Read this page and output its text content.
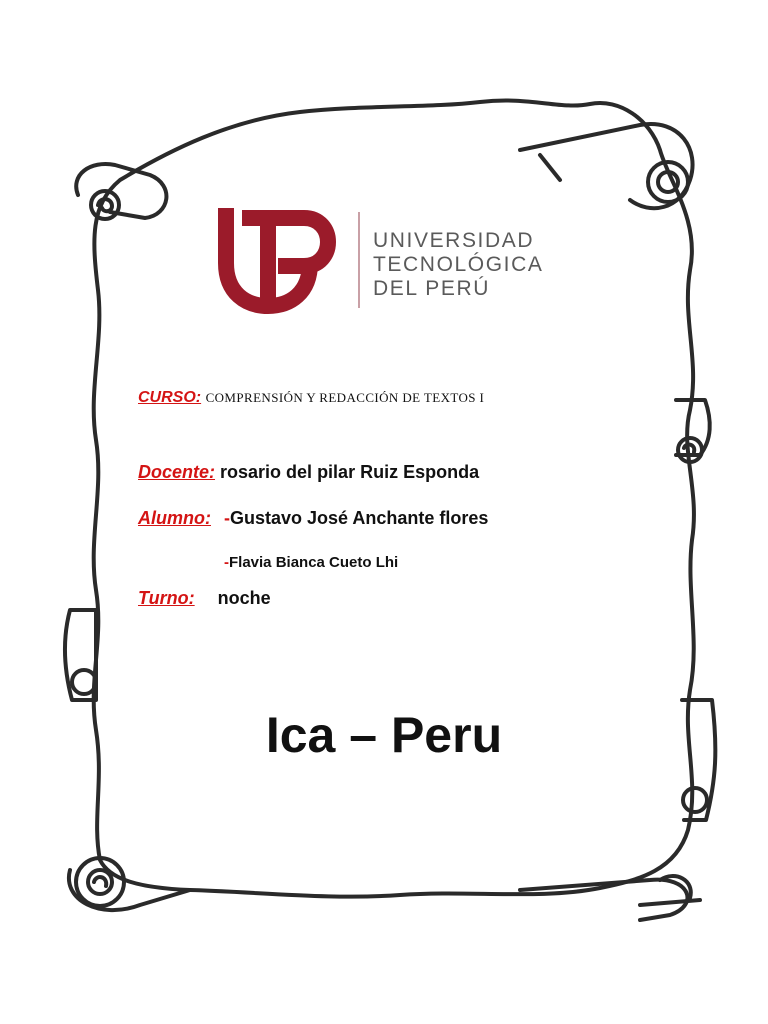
UNIVERSIDAD
TECNOLÓGICA
DEL PERÚ
CURSO: COMPRENSIÓN Y REDACCIÓN DE TEXTOS I
Docente: rosario del pilar Ruiz Esponda
Alumno: -Gustavo José Anchante flores
-Flavia Bianca Cueto Lhi
Turno: noche

Ica – Peru
